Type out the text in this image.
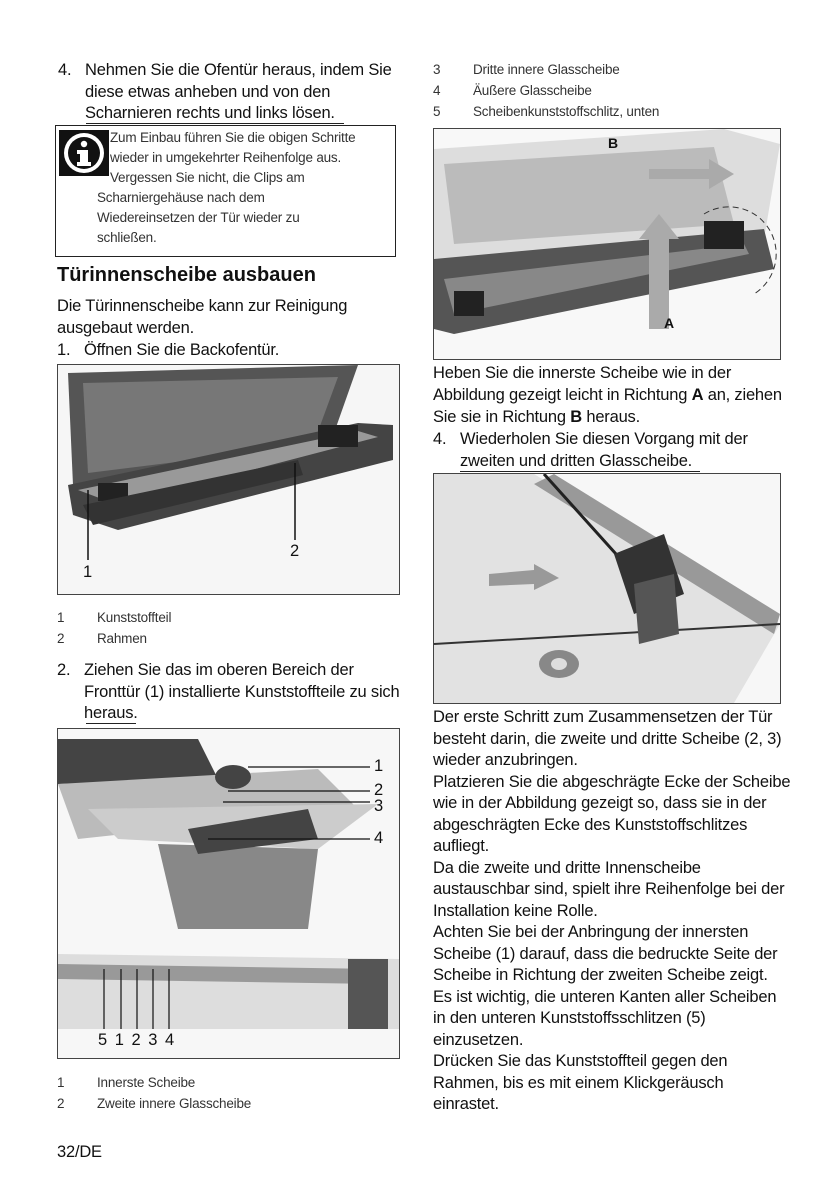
4. Nehmen Sie die Ofentür heraus, indem Sie
diese etwas anheben und von den
Scharnieren rechts und links lösen.
Zum Einbau führen Sie die obigen Schritte
wieder in umgekehrter Reihenfolge aus.
Vergessen Sie nicht, die Clips am
Scharniergehäuse nach dem
Wiedereinsetzen der Tür wieder zu
schließen.
Türinnenscheibe ausbauen
Die Türinnenscheibe kann zur Reinigung
ausgebaut werden.
1. Öffnen Sie die Backofentür.
1
2
1	Kunststoffteil
2	Rahmen
2. Ziehen Sie das im oberen Bereich der
Fronttür (1) installierte Kunststoffteile zu sich
heraus.
1
2
3
4
5 1 2 3 4
1	Innerste Scheibe
2	Zweite innere Glasscheibe
32/DE
3	Dritte innere Glasscheibe
4	Äußere Glasscheibe
5	Scheibenkunststoffschlitz, unten
B
A
Heben Sie die innerste Scheibe wie in der
Abbildung gezeigt leicht in Richtung A an, ziehen
Sie sie in Richtung B heraus.
4. Wiederholen Sie diesen Vorgang mit der
zweiten und dritten Glasscheibe.
Der erste Schritt zum Zusammensetzen der Tür
besteht darin, die zweite und dritte Scheibe (2, 3)
wieder anzubringen.
Platzieren Sie die abgeschrägte Ecke der Scheibe
wie in der Abbildung gezeigt so, dass sie in der
abgeschrägten Ecke des Kunststoffschlitzes
aufliegt.
Da die zweite und dritte Innenscheibe
austauschbar sind, spielt ihre Reihenfolge bei der
Installation keine Rolle.
Achten Sie bei der Anbringung der innersten
Scheibe (1) darauf, dass die bedruckte Seite der
Scheibe in Richtung der zweiten Scheibe zeigt.
Es ist wichtig, die unteren Kanten aller Scheiben
in den unteren Kunststoffsschlitzen (5)
einzusetzen.
Drücken Sie das Kunststoffteil gegen den
Rahmen, bis es mit einem Klickgeräusch
einrastet.
